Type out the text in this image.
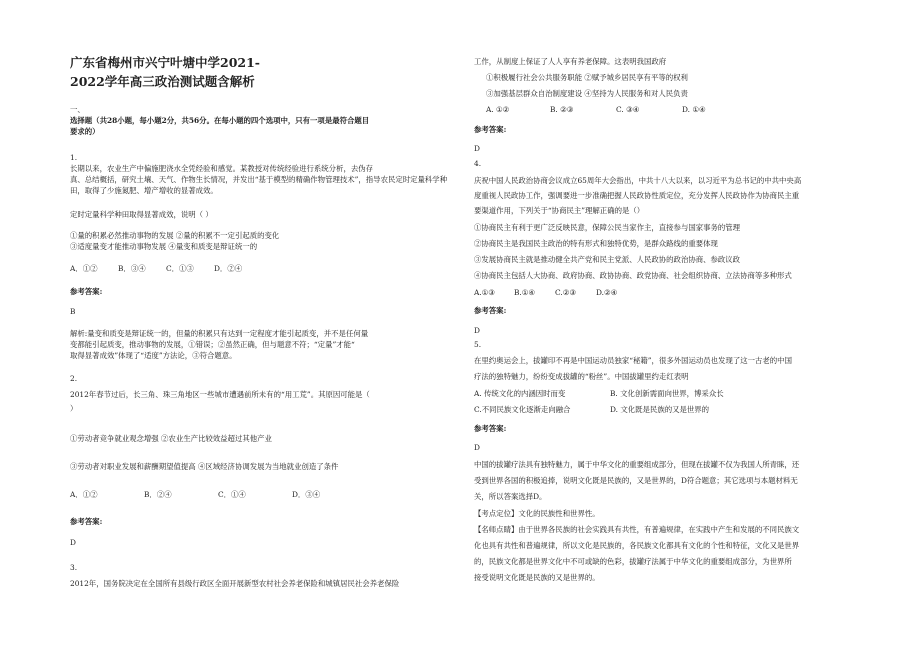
广东省梅州市兴宁叶塘中学2021-
2022学年高三政治测试题含解析
一、
选择题（共28小题，每小题2分，共56分。在每小题的四个选项中，只有一项是最符合题目
要求的）
1.
长期以来，农业生产中偏施肥浇水全凭经验和感觉。某教授对传统经验进行系统分析，去伪存
真、总结概括，研究土壤、天气、作物生长情况，并发出“基于模型的精确作物管理技术”，指导农民定时定量科学种
田，取得了少施氮肥、增产增收的显著成效。
定时定量科学种田取得显著成效，说明（ ）
①量的积累必然推动事物的发展 ②量的积累不一定引起质的变化
③适度量变才能推动事物发展 ④量变和质变是辩证统一的
A．①②	B．③④	C．①③	D．②④
参考答案:
B
解析:量变和质变是辩证统一的，但量的积累只有达到一定程度才能引起质变，并不是任何量
变都能引起质变，推动事物的发展，①错误；②虽然正确，但与题意不符；“定量”才能“
取得显著成效”体现了“适度”方法论，③符合题意。
2.
2012年春节过后，长三角、珠三角地区一些城市遭遇前所未有的“用工荒”。其原因可能是（
）
①劳动者竞争就业观念增强 ②农业生产比较效益超过其他产业
③劳动者对职业发展和薪酬期望值提高 ④区域经济协调发展为当地就业创造了条件
A．①②	B．②④	C．①④	D．③④
参考答案:
D
3.
2012年，国务院决定在全国所有县级行政区全面开展新型农村社会养老保险和城镇居民社会养老保险
工作，从制度上保证了人人享有养老保障。这表明我国政府
①积极履行社会公共服务职能 ②赋予城乡居民享有平等的权利
③加强基层群众自治制度建设 ④坚持为人民服务和对人民负责
A. ①②	B. ②③	C. ③④	D. ①④
参考答案:
D
4.
庆祝中国人民政治协商会议成立65周年大会指出，中共十八大以来，以习近平为总书记的中共中央高
度重视人民政协工作，强调要进一步准确把握人民政协性质定位，充分发挥人民政协作为协商民主重
要渠道作用，下列关于“协商民主”理解正确的是（）
①协商民主有利于更广泛反映民意，保障公民当家作主，直接参与国家事务的管理
②协商民主是我国民主政治的特有形式和独特优势，是群众路线的重要体现
③发展协商民主就是推动健全共产党和民主党派、人民政协的政治协商、参政议政
④协商民主包括人大协商、政府协商、政协协商、政党协商、社会组织协商、立法协商等多种形式
A.①③	B.①④	C.②③	D.②④
参考答案:
D
5.
在里约奥运会上，拔罐印不再是中国运动员独家“秘籍”，很多外国运动员也发现了这一古老的中国
疗法的独特魅力，纷纷变成拔罐的“粉丝”。中国拔罐里约走红表明
A. 传统文化的内涵因时而变	B. 文化创新需面向世界，博采众长
C.不同民族文化逐渐走向融合	D. 文化既是民族的又是世界的
参考答案:
D
中国的拔罐疗法具有独特魅力，属于中华文化的重要组成部分，但现在拔罐不仅为我国人所青睐，还
受到世界各国的积极追捧，说明文化既是民族的，又是世界的，D符合题意；其它选项与本题材料无
关，所以答案选择D。
【考点定位】文化的民族性和世界性。
【名师点睛】由于世界各民族的社会实践具有共性，有普遍规律，在实践中产生和发展的不同民族文
化也具有共性和普遍规律，所以文化是民族的，各民族文化都具有文化的个性和特征，文化又是世界
的，民族文化都是世界文化中不可或缺的色彩，拔罐疗法属于中华文化的重要组成部分，为世界所
接受说明文化既是民族的又是世界的。
